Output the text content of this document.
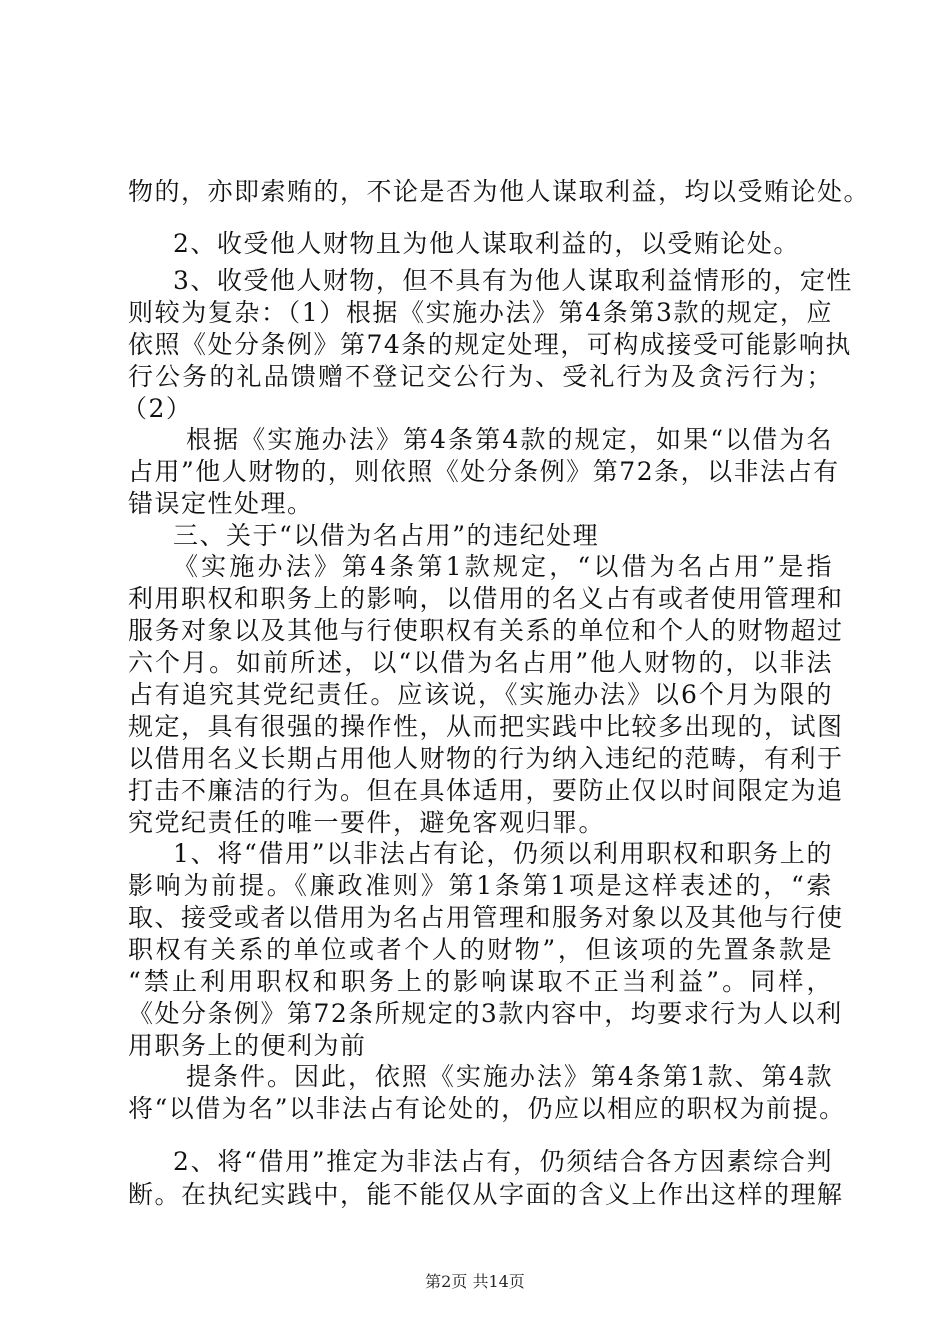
物的，亦即索贿的，不论是否为他人谋取利益，均以受贿论处。
2、收受他人财物且为他人谋取利益的，以受贿论处。
3、收受他人财物，但不具有为他人谋取利益情形的，定性
则较为复杂：（1）根据《实施办法》第4条第3款的规定，应
依照《处分条例》第74条的规定处理，可构成接受可能影响执
行公务的礼品馈赠不登记交公行为、受礼行为及贪污行为；
（2）
根据《实施办法》第4条第4款的规定，如果“以借为名
占用”他人财物的，则依照《处分条例》第72条，以非法占有
错误定性处理。
三、关于“以借为名占用”的违纪处理
《实施办法》第4条第1款规定，“以借为名占用”是指
利用职权和职务上的影响，以借用的名义占有或者使用管理和
服务对象以及其他与行使职权有关系的单位和个人的财物超过
六个月。如前所述，以“以借为名占用”他人财物的，以非法
占有追究其党纪责任。应该说，《实施办法》以6个月为限的
规定，具有很强的操作性，从而把实践中比较多出现的，试图
以借用名义长期占用他人财物的行为纳入违纪的范畴，有利于
打击不廉洁的行为。但在具体适用，要防止仅以时间限定为追
究党纪责任的唯一要件，避免客观归罪。
1、将“借用”以非法占有论，仍须以利用职权和职务上的
影响为前提。《廉政准则》第1条第1项是这样表述的，“索
取、接受或者以借用为名占用管理和服务对象以及其他与行使
职权有关系的单位或者个人的财物”，但该项的先置条款是
“禁止利用职权和职务上的影响谋取不正当利益”。同样，
《处分条例》第72条所规定的3款内容中，均要求行为人以利
用职务上的便利为前
提条件。因此，依照《实施办法》第4条第1款、第4款
将“以借为名”以非法占有论处的，仍应以相应的职权为前提。
2、将“借用”推定为非法占有，仍须结合各方因素综合判
断。在执纪实践中，能不能仅从字面的含义上作出这样的理解
第2页 共14页
